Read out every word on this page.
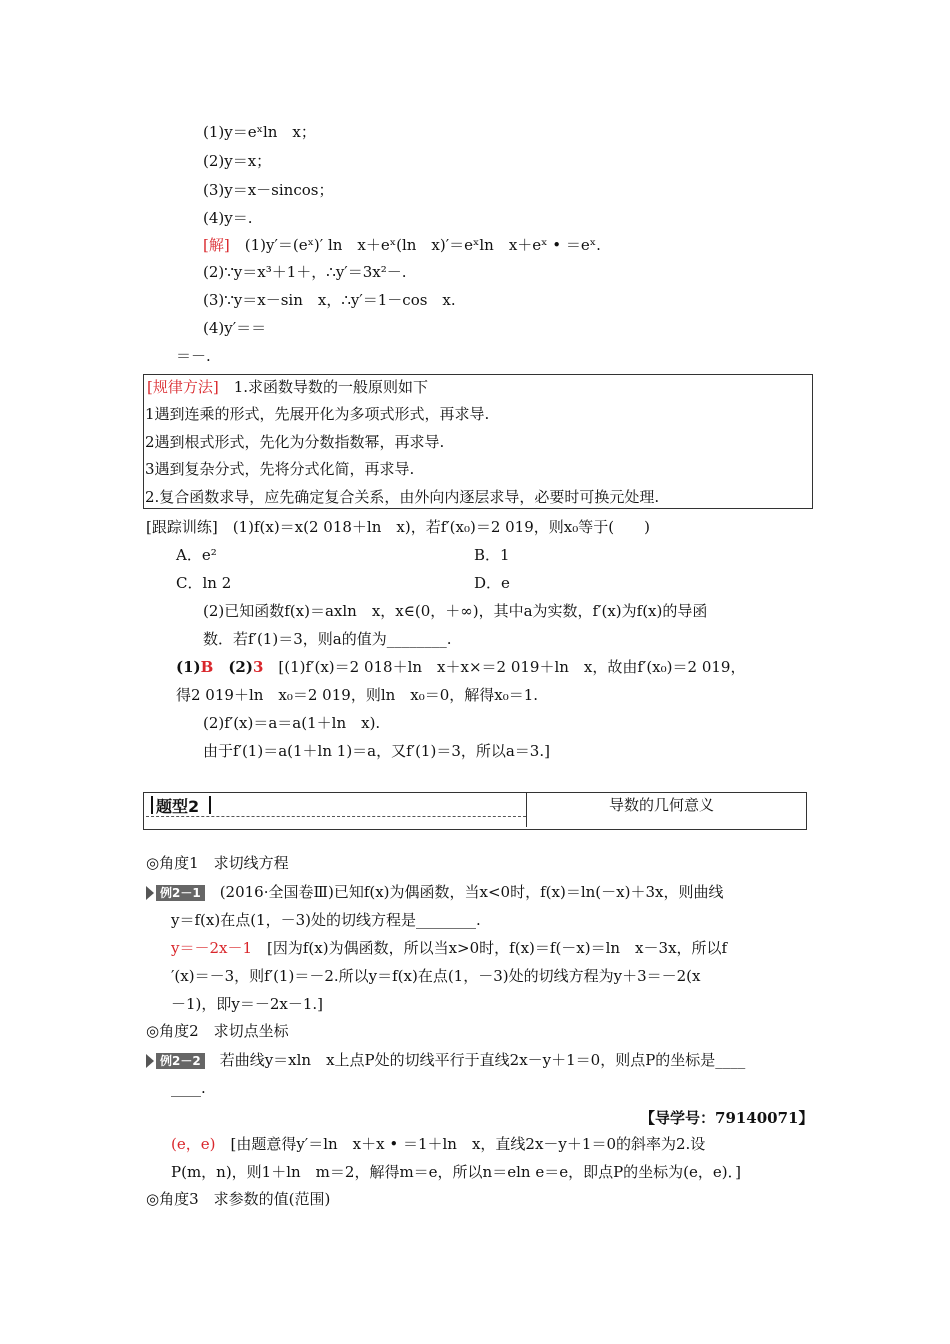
(1)y＝eˣln　x；
(2)y＝x；
(3)y＝x－sincos；
(4)y＝.
[解]　(1)y′＝(eˣ)′ ln　x＋eˣ(ln　x)′＝eˣln　x＋eˣ • ＝eˣ.
(2)∵y＝x³＋1＋，∴y′＝3x²－.
(3)∵y＝x－sin　x，∴y′＝1－cos　x.
(4)y′＝＝
＝－.
[规律方法]　1.求函数导数的一般原则如下
1遇到连乘的形式，先展开化为多项式形式，再求导.
2遇到根式形式，先化为分数指数幂，再求导.
3遇到复杂分式，先将分式化简，再求导.
2.复合函数求导，应先确定复合关系，由外向内逐层求导，必要时可换元处理.
[跟踪训练]　(1)f(x)＝x(2 018＋ln　x)，若f′(x₀)＝2 019，则x₀等于(　　)
A．e²	B．1
C．ln 2	D．e
(2)已知函数f(x)＝axln　x，x∈(0，＋∞)，其中a为实数，f′(x)为f(x)的导函
数．若f′(1)＝3，则a的值为________.
(1)B　(2)3　[(1)f′(x)＝2 018＋ln　x＋x×＝2 019＋ln　x，故由f′(x₀)＝2 019，
得2 019＋ln　x₀＝2 019，则ln　x₀＝0，解得x₀＝1.
(2)f′(x)＝a＝a(1＋ln　x).
由于f′(1)＝a(1＋ln 1)＝a，又f′(1)＝3，所以a＝3.]
题型2	导数的几何意义
◎角度1　求切线方程
例2－1　(2016·全国卷Ⅲ)已知f(x)为偶函数，当x<0时，f(x)＝ln(－x)＋3x，则曲线
y＝f(x)在点(1，－3)处的切线方程是________.
y＝－2x－1　[因为f(x)为偶函数，所以当x>0时，f(x)＝f(－x)＝ln　x－3x，所以f
′(x)＝－3，则f′(1)＝－2.所以y＝f(x)在点(1，－3)处的切线方程为y＋3＝－2(x
－1)，即y＝－2x－1.]
◎角度2　求切点坐标
例2－2　若曲线y＝xln　x上点P处的切线平行于直线2x－y＋1＝0，则点P的坐标是____
____.
【导学号：79140071】
(e，e)　[由题意得y′＝ln　x＋x • ＝1＋ln　x，直线2x－y＋1＝0的斜率为2.设
P(m，n)，则1＋ln　m＝2，解得m＝e，所以n＝eln e＝e，即点P的坐标为(e，e)．]
◎角度3　求参数的值(范围)
